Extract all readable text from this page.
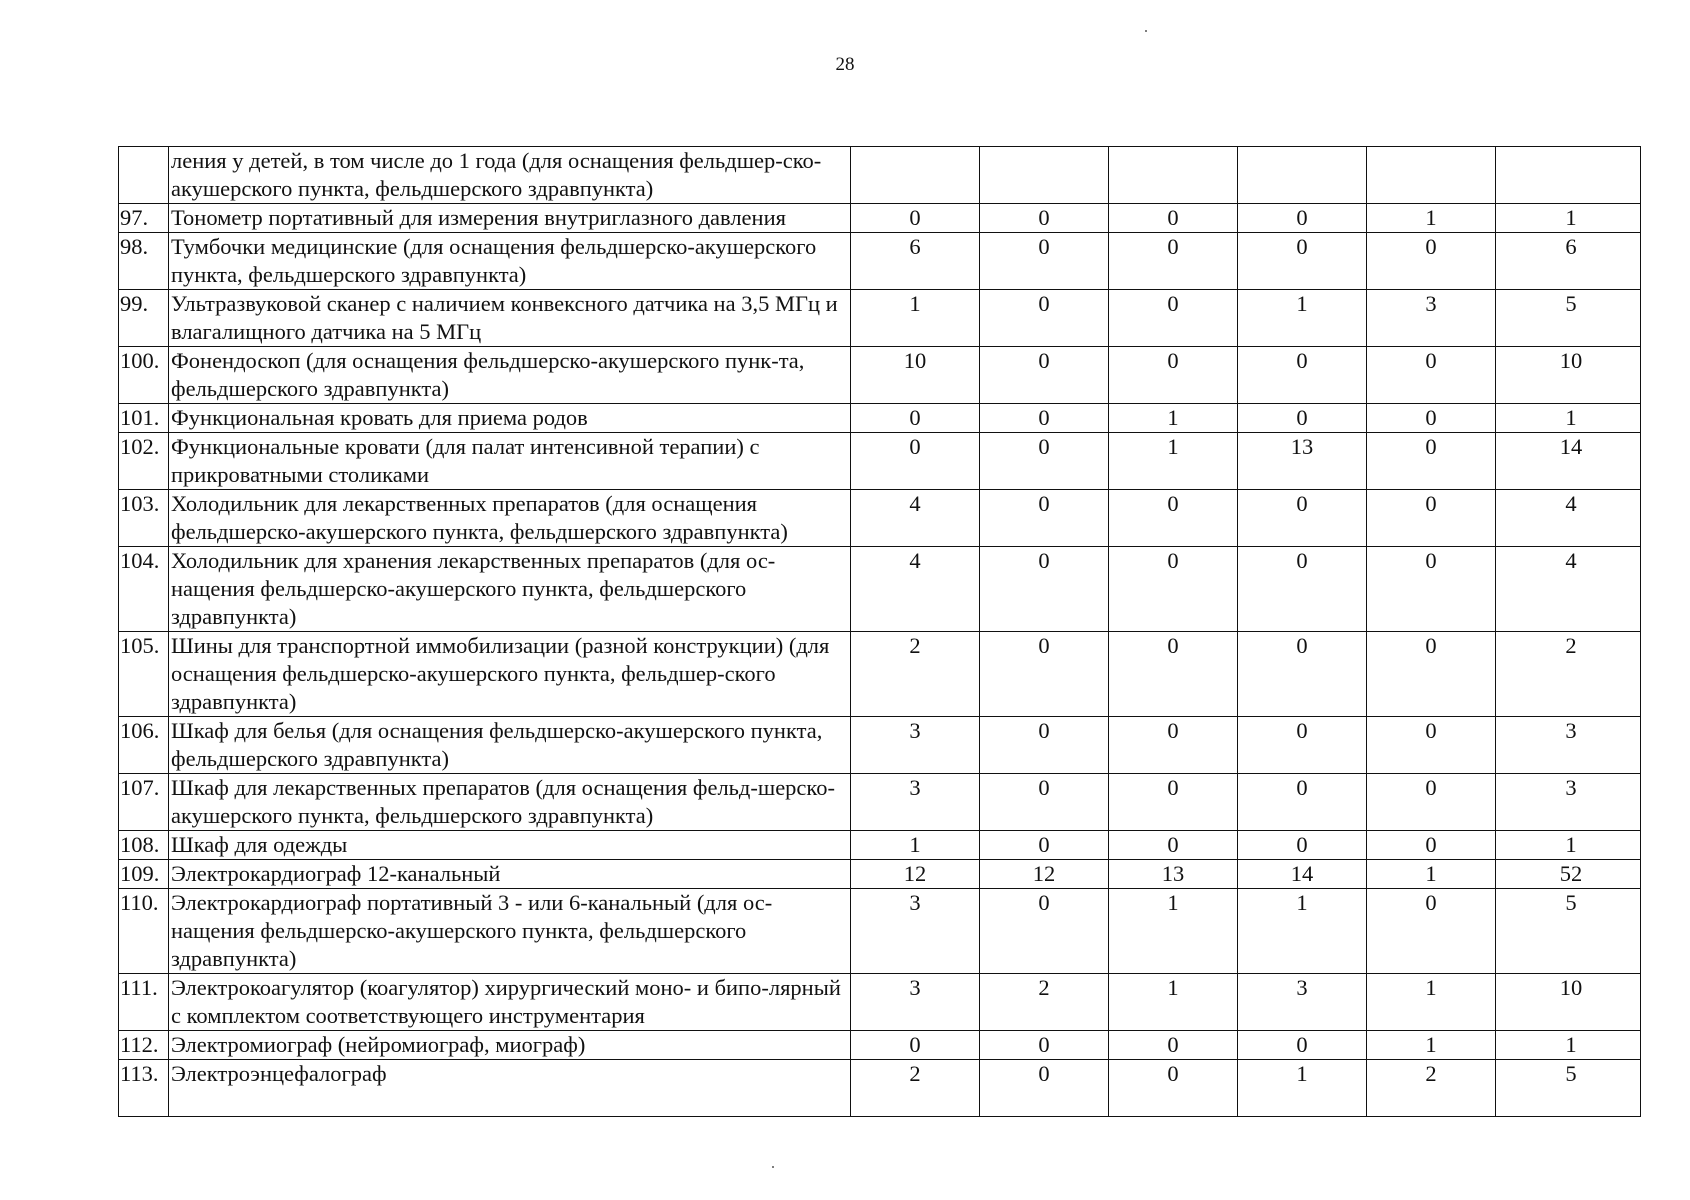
28
	ления у детей, в том числе до 1 года (для оснащения фельдшер-ско-акушерского пункта, фельдшерского здравпункта)						
97.	Тонометр портативный для измерения внутриглазного давления	0	0	0	0	1	1
98.	Тумбочки медицинские (для оснащения фельдшерско-акушерского пункта, фельдшерского здравпункта)	6	0	0	0	0	6
99.	Ультразвуковой сканер с наличием конвексного датчика на 3,5 МГц и влагалищного датчика на 5 МГц	1	0	0	1	3	5
100.	Фонендоскоп (для оснащения фельдшерско-акушерского пунк-та, фельдшерского здравпункта)	10	0	0	0	0	10
101.	Функциональная кровать для приема родов	0	0	1	0	0	1
102.	Функциональные кровати (для палат интенсивной терапии) с прикроватными столиками	0	0	1	13	0	14
103.	Холодильник для лекарственных препаратов (для оснащения фельдшерско-акушерского пункта, фельдшерского здравпункта)	4	0	0	0	0	4
104.	Холодильник для хранения лекарственных препаратов (для ос-нащения фельдшерско-акушерского пункта, фельдшерского здравпункта)	4	0	0	0	0	4
105.	Шины для транспортной иммобилизации (разной конструкции) (для оснащения фельдшерско-акушерского пункта, фельдшер-ского здравпункта)	2	0	0	0	0	2
106.	Шкаф для белья (для оснащения фельдшерско-акушерского пункта, фельдшерского здравпункта)	3	0	0	0	0	3
107.	Шкаф для лекарственных препаратов (для оснащения фельд-шерско-акушерского пункта, фельдшерского здравпункта)	3	0	0	0	0	3
108.	Шкаф для одежды	1	0	0	0	0	1
109.	Электрокардиограф 12-канальный	12	12	13	14	1	52
110.	Электрокардиограф портативный 3 - или 6-канальный (для ос-нащения фельдшерско-акушерского пункта, фельдшерского здравпункта)	3	0	1	1	0	5
111.	Электрокоагулятор (коагулятор) хирургический моно- и бипо-лярный с комплектом соответствующего инструментария	3	2	1	3	1	10
112.	Электромиограф (нейромиограф, миограф)	0	0	0	0	1	1
113.	Электроэнцефалограф	2	0	0	1	2	5
